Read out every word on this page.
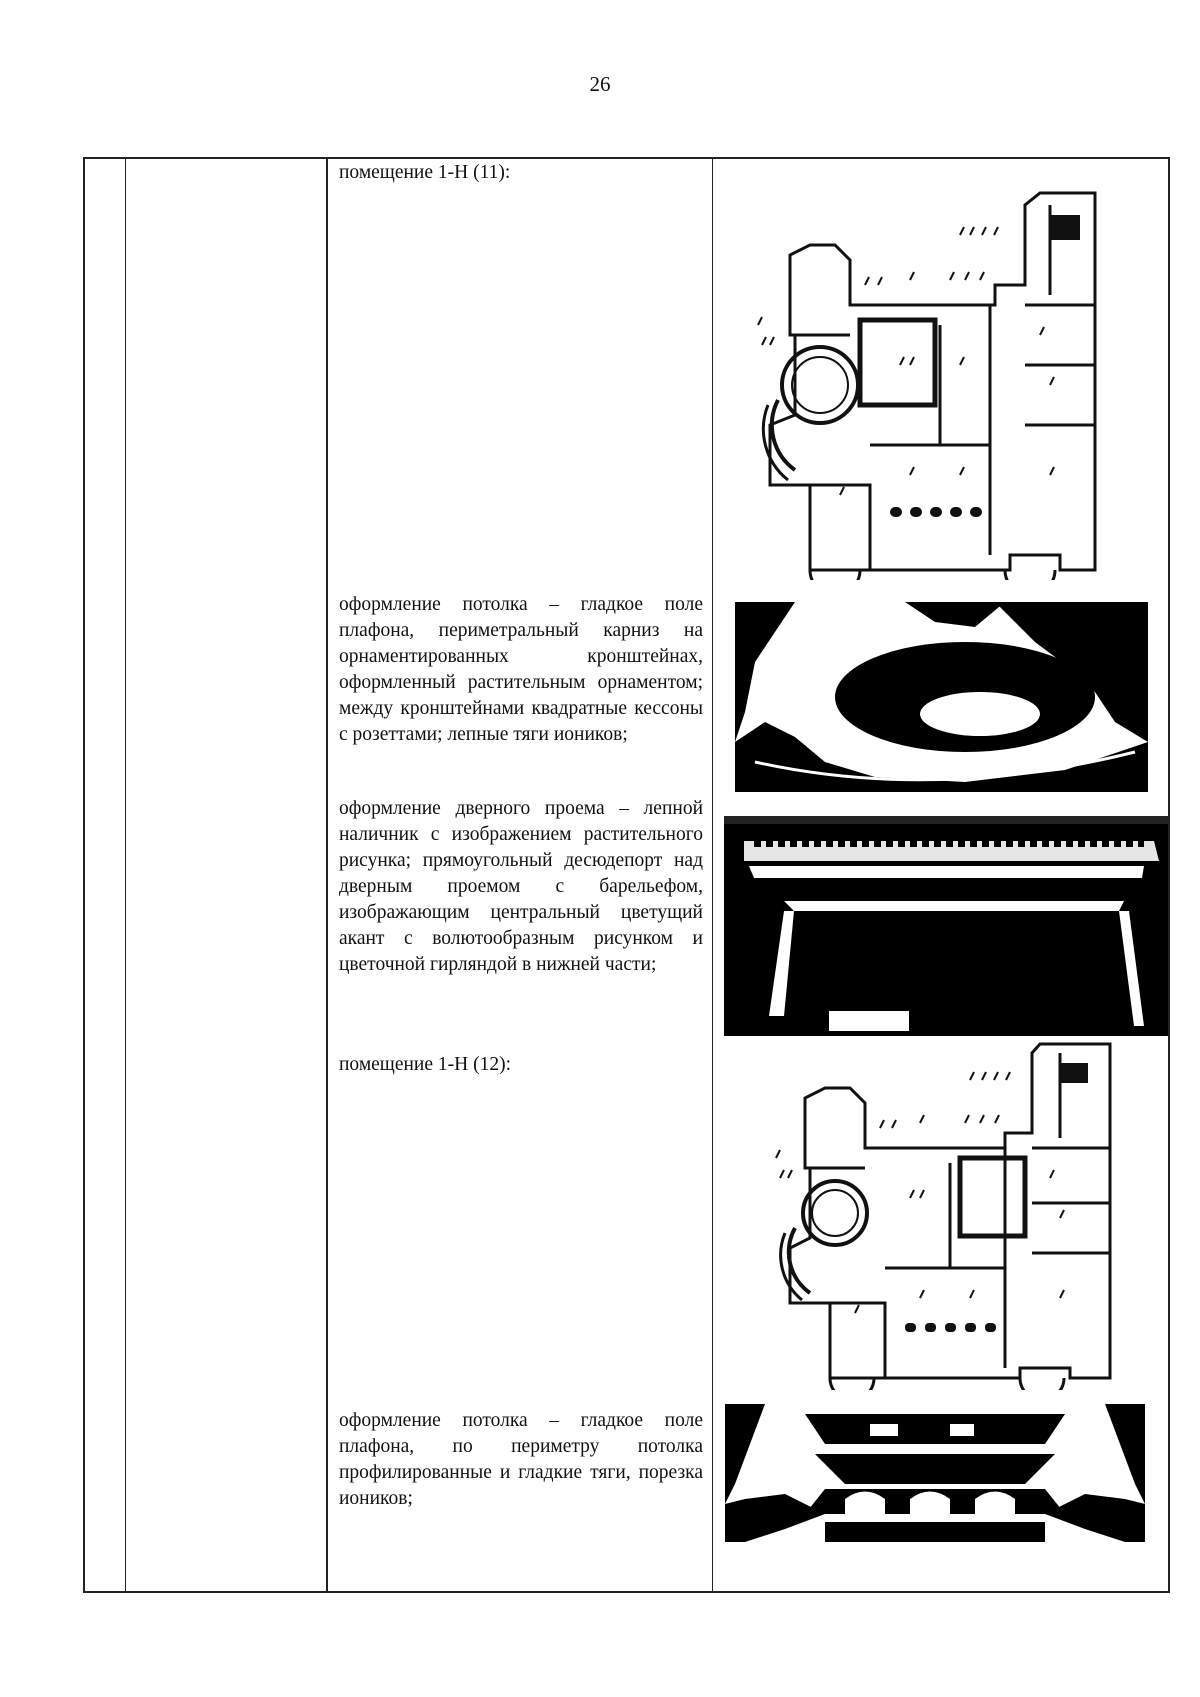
26

помещение 1-Н (11):

оформление потолка – гладкое поле плафона, периметральный карниз на орнаментированных кронштейнах, оформленный растительным орнаментом; между кронштейнами квадратные кессоны с розеттами; лепные тяги иоников;

оформление дверного проема – лепной наличник с изображением растительного рисунка; прямоугольный десюдепорт над дверным проемом с барельефом, изображающим центральный цветущий акант с волютообразным рисунком и цветочной гирляндой в нижней части;

помещение 1-Н (12):

оформление потолка – гладкое поле плафона, по периметру потолка профилированные и гладкие тяги, порезка иоников;
